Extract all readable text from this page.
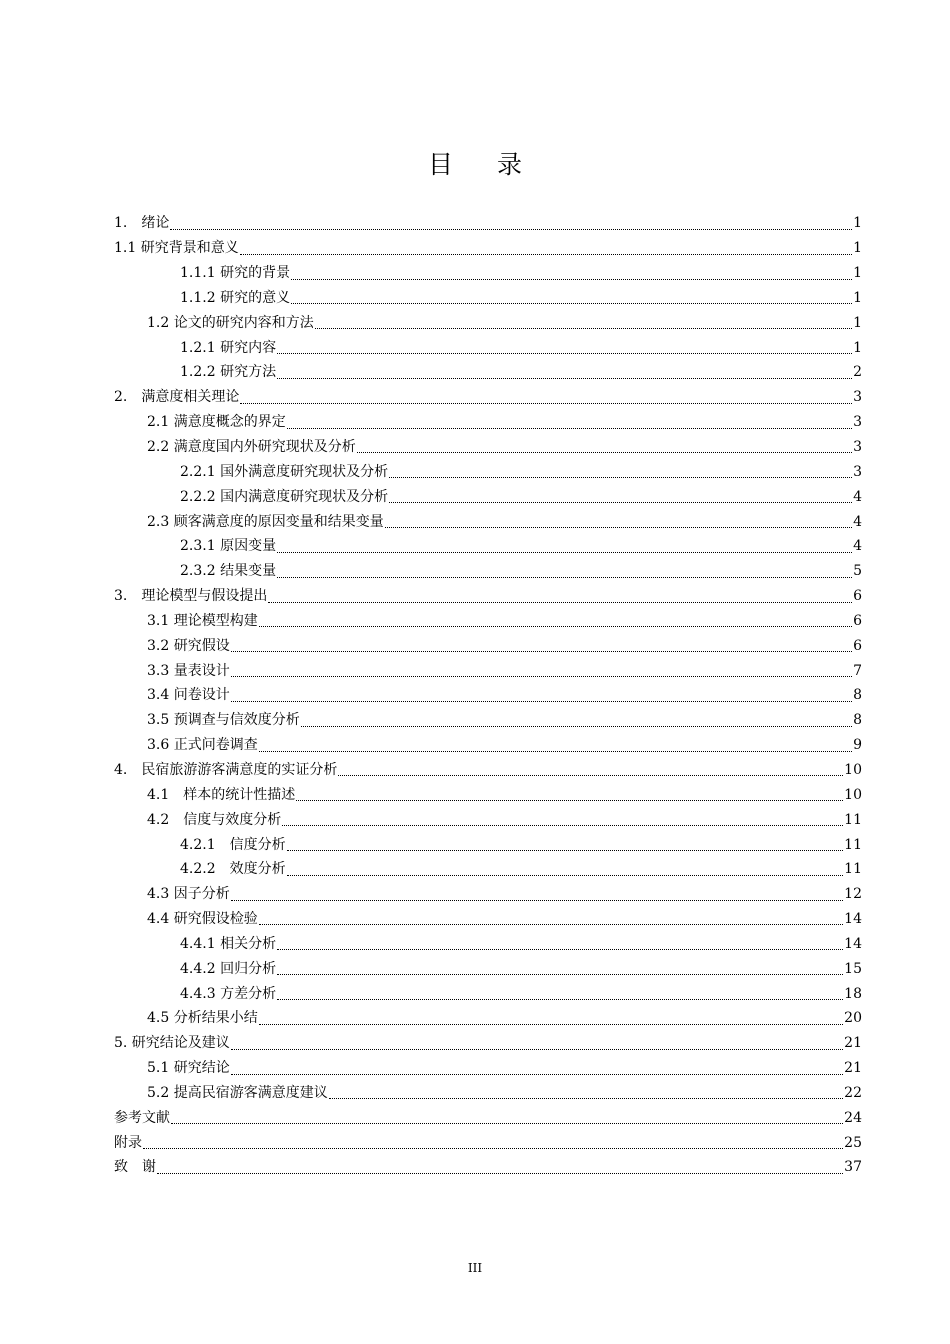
目 录
1.　绪论	1
1.1 研究背景和意义	1
1.1.1 研究的背景	1
1.1.2 研究的意义	1
1.2 论文的研究内容和方法	1
1.2.1 研究内容	1
1.2.2 研究方法	2
2.　满意度相关理论	3
2.1 满意度概念的界定	3
2.2 满意度国内外研究现状及分析	3
2.2.1 国外满意度研究现状及分析	3
2.2.2 国内满意度研究现状及分析	4
2.3 顾客满意度的原因变量和结果变量	4
2.3.1 原因变量	4
2.3.2 结果变量	5
3.　理论模型与假设提出	6
3.1 理论模型构建	6
3.2 研究假设	6
3.3 量表设计	7
3.4 问卷设计	8
3.5 预调查与信效度分析	8
3.6 正式问卷调查	9
4.　民宿旅游游客满意度的实证分析	10
4.1　样本的统计性描述	10
4.2　信度与效度分析	11
4.2.1　信度分析	11
4.2.2　效度分析	11
4.3 因子分析	12
4.4 研究假设检验	14
4.4.1 相关分析	14
4.4.2 回归分析	15
4.4.3 方差分析	18
4.5 分析结果小结	20
5. 研究结论及建议	21
5.1 研究结论	21
5.2 提高民宿游客满意度建议	22
参考文献	24
附录	25
致　谢	37
III
